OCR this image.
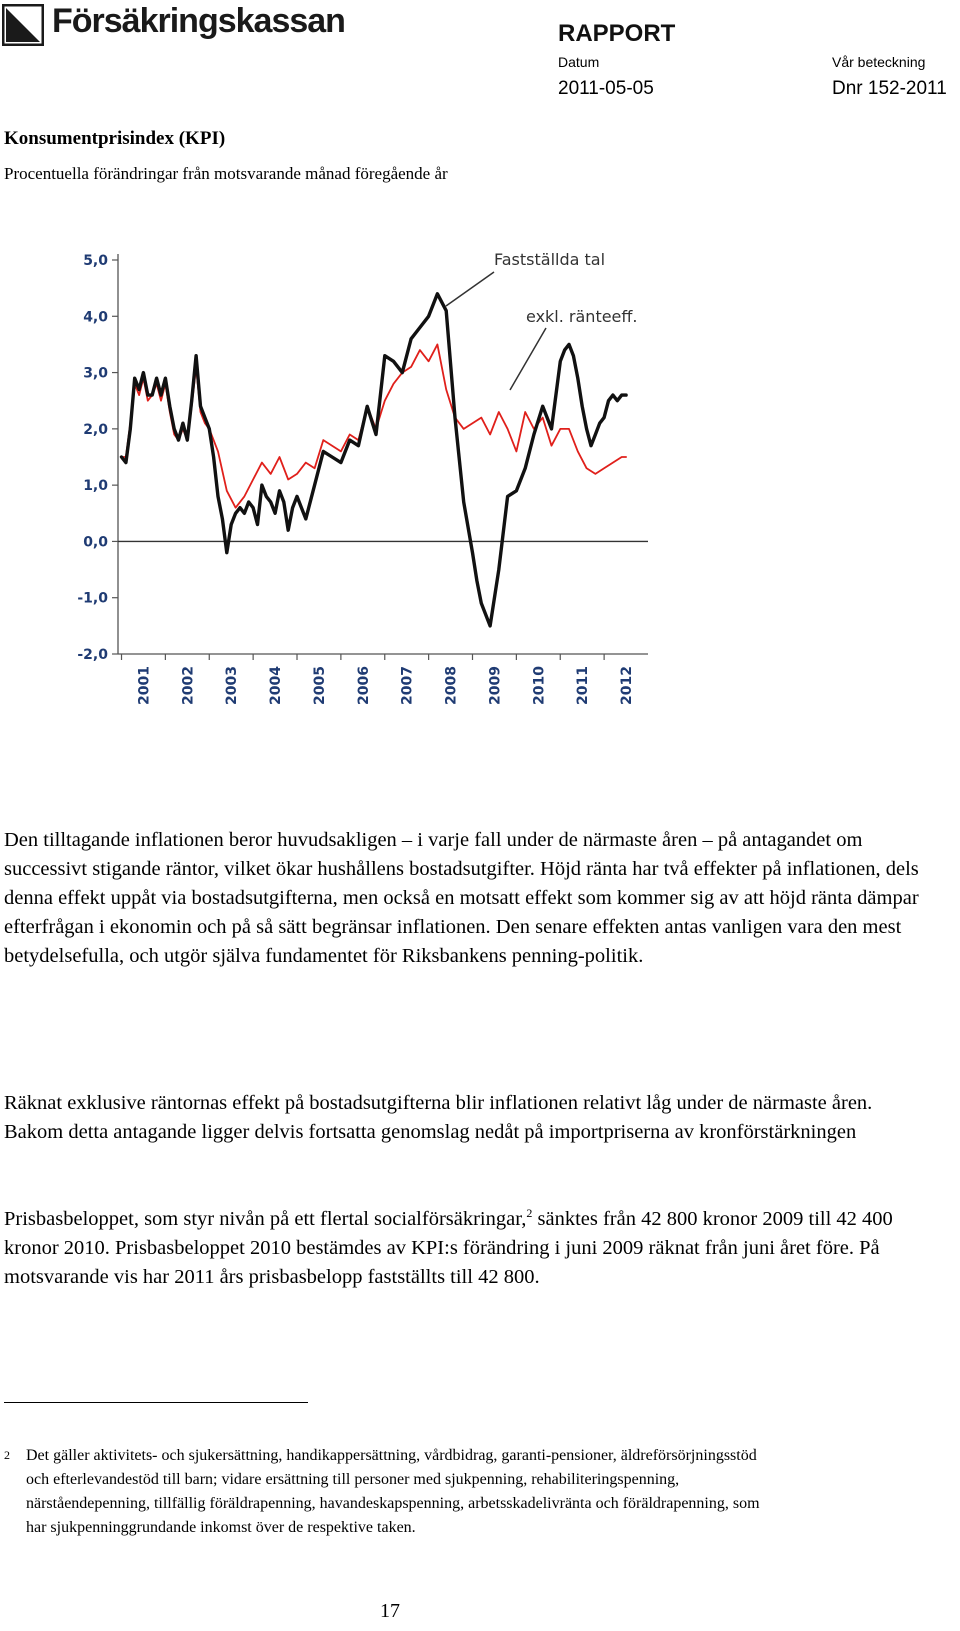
Försäkringskassan	RAPPORT
Datum	Vår beteckning
2011-05-05	Dnr 152-2011
Konsumentprisindex (KPI)
Procentuella förändringar från motsvarande månad föregående år
5,0
4,0
3,0
2,0
1,0
0,0
-1,0
-2,0
2001 2002 2003 2004 2005 2006 2007 2008 2009 2010 2011 2012
Fastställda tal
exkl. ränteeff.

Den tilltagande inflationen beror huvudsakligen – i varje fall under de närmaste åren – på antagandet om successivt stigande räntor, vilket ökar hushållens bostadsutgifter. Höjd ränta har två effekter på inflationen, dels denna effekt uppåt via bostadsutgifterna, men också en motsatt effekt som kommer sig av att höjd ränta dämpar efterfrågan i ekonomin och på så sätt begränsar inflationen. Den senare effekten antas vanligen vara den mest betydelsefulla, och utgör själva fundamentet för Riksbankens penning-politik.

Räknat exklusive räntornas effekt på bostadsutgifterna blir inflationen relativt låg under de närmaste åren. Bakom detta antagande ligger delvis fortsatta genomslag nedåt på importpriserna av kronförstärkningen

Prisbasbeloppet, som styr nivån på ett flertal socialförsäkringar,$^2$ sänktes från 42 800 kronor 2009 till 42 400 kronor 2010. Prisbasbeloppet 2010 bestämdes av KPI:s förändring i juni 2009 räknat från juni året före. På motsvarande vis har 2011 års prisbasbelopp fastställts till 42 800.

2 Det gäller aktivitets- och sjukersättning, handikappersättning, vårdbidrag, garanti-pensioner, äldreförsörjningsstöd och efterlevandestöd till barn; vidare ersättning till personer med sjukpenning, rehabiliteringspenning, närståendepenning, tillfällig föräldrapenning, havandeskapspenning, arbetsskadelivränta och föräldrapenning, som har sjukpenninggrundande inkomst över de respektive taken.
17
